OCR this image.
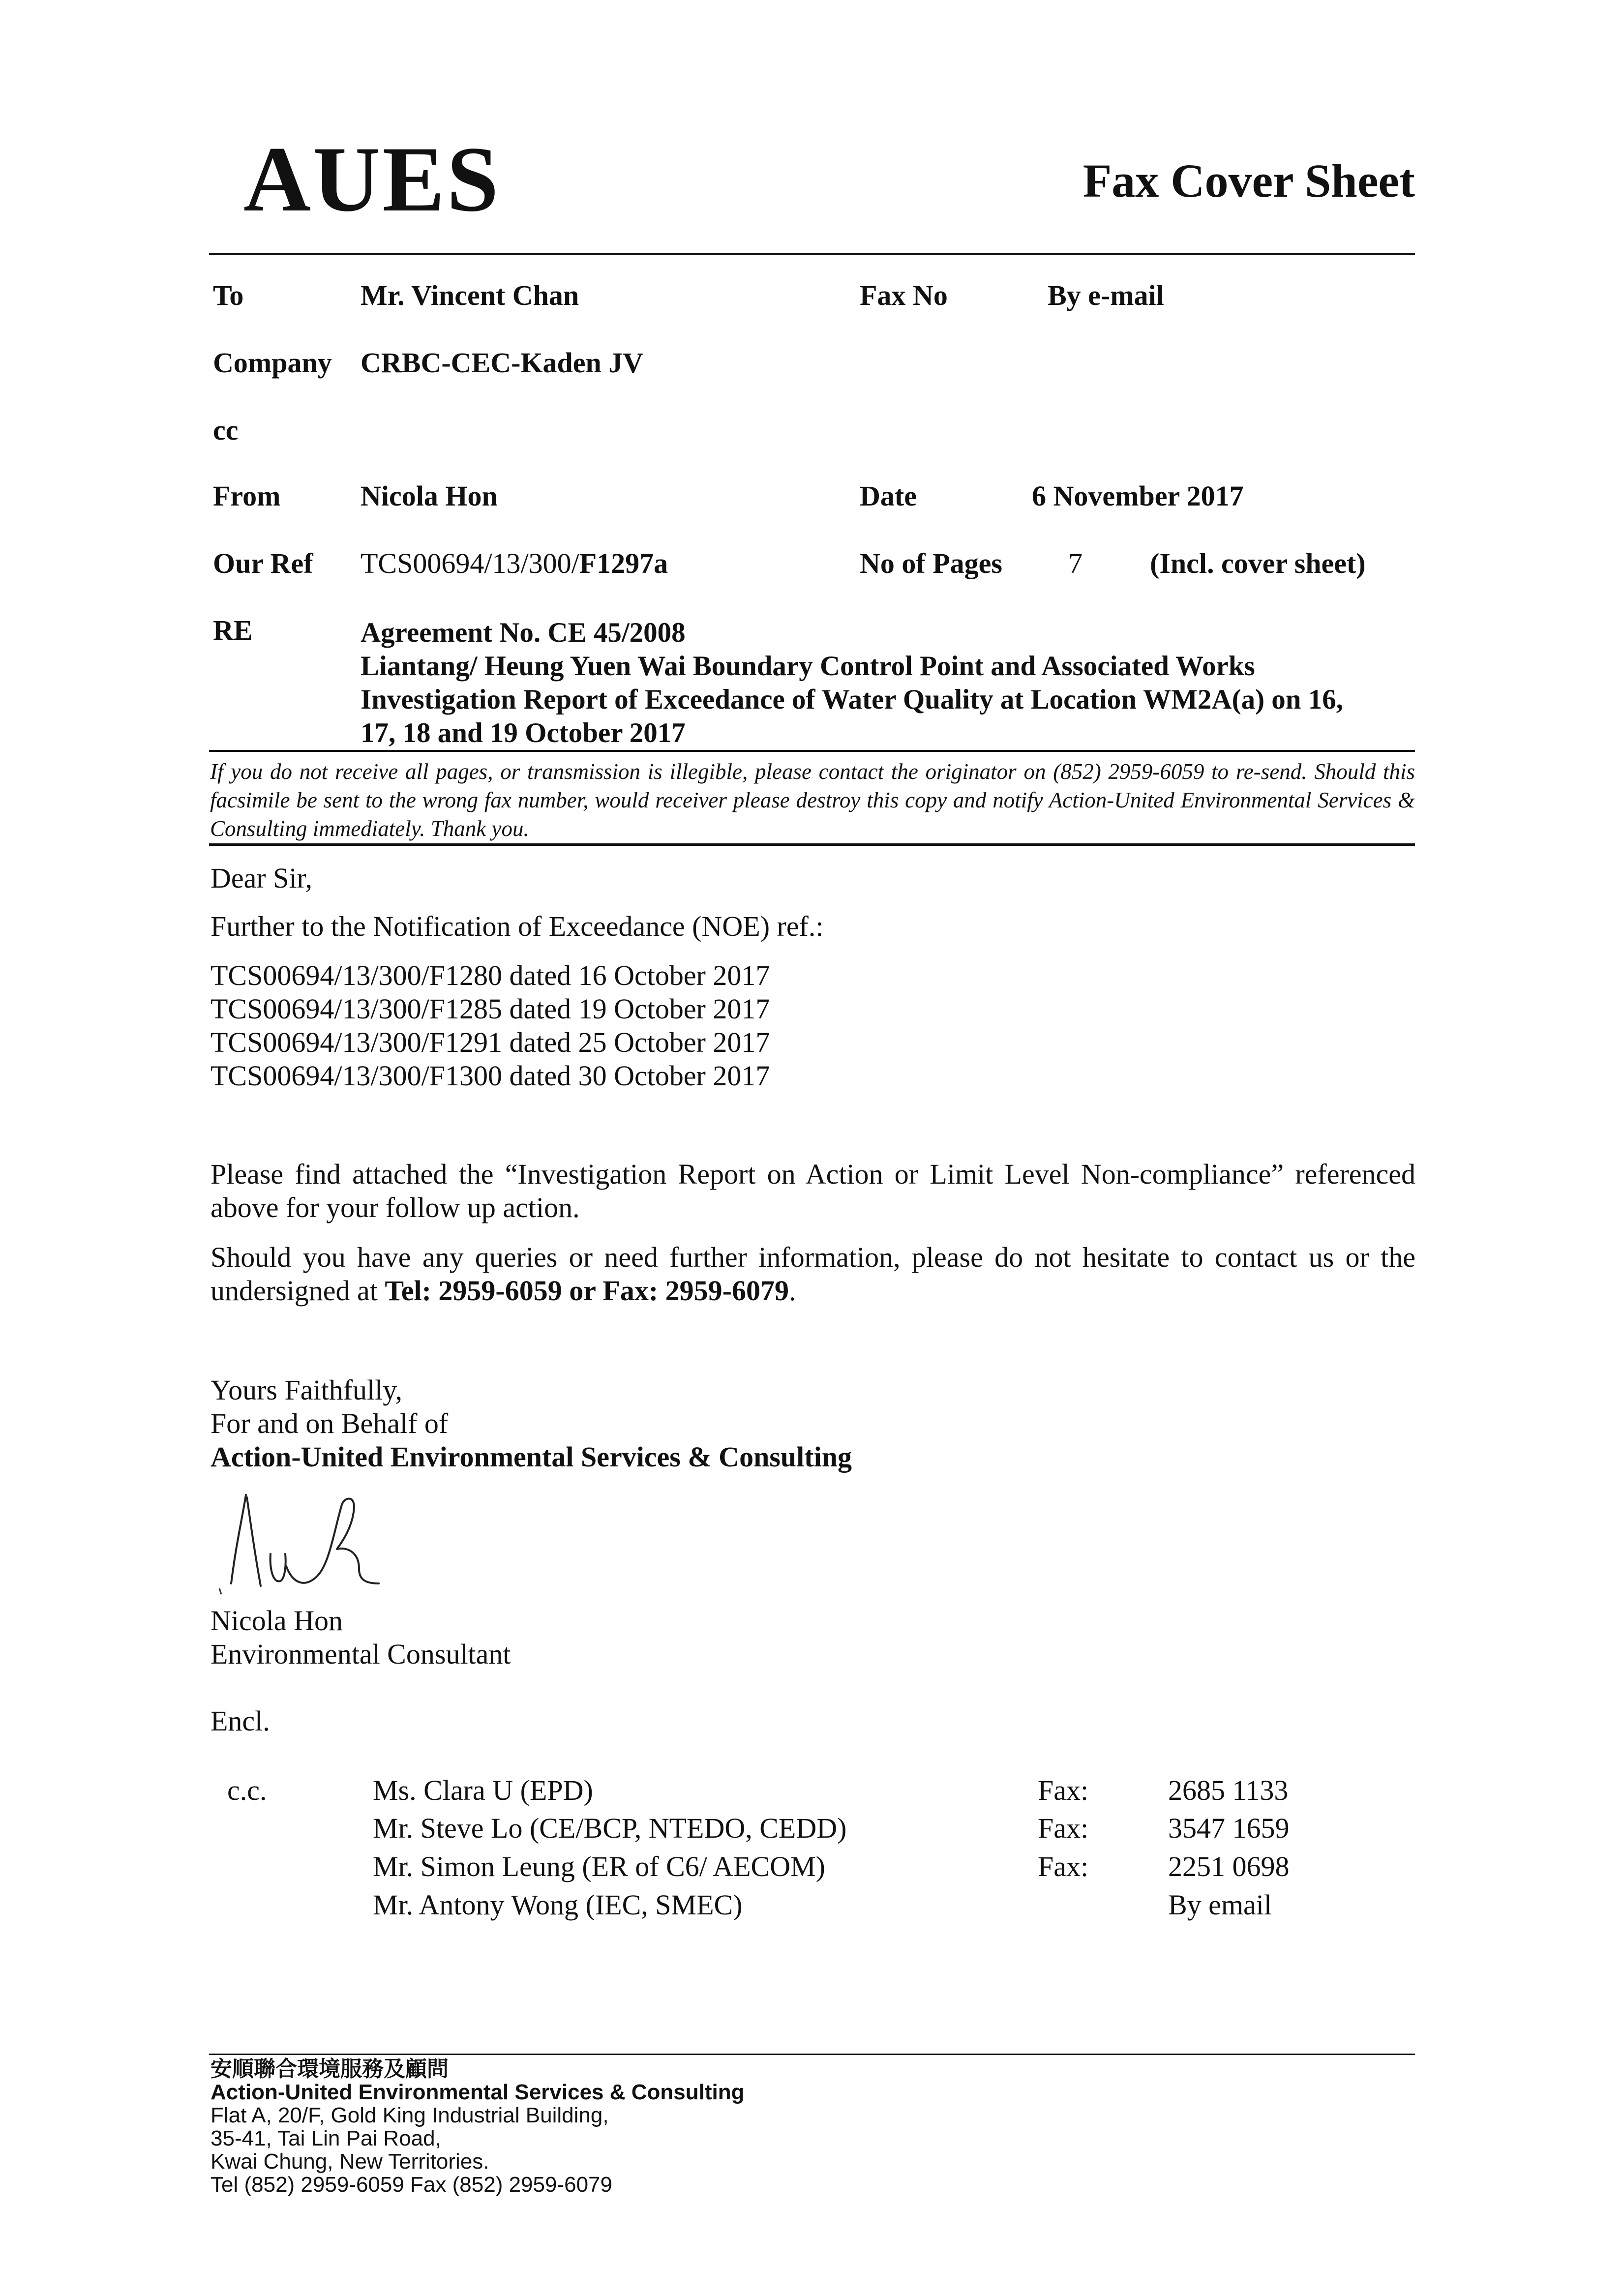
AUES	Fax Cover Sheet
To	Mr. Vincent Chan	Fax No	By e-mail
Company CRBC-CEC-Kaden JV
cc
From	Nicola Hon	Date	6 November 2017
Our Ref TCS00694/13/300/F1297a	No of Pages 7 (Incl. cover sheet)
RE	Agreement No. CE 45/2008
Liantang/ Heung Yuen Wai Boundary Control Point and Associated Works
Investigation Report of Exceedance of Water Quality at Location WM2A(a) on 16,
17, 18 and 19 October 2017
If you do not receive all pages, or transmission is illegible, please contact the originator on (852) 2959-6059 to re-send. Should this facsimile be sent to the wrong fax number, would receiver please destroy this copy and notify Action-United Environmental Services & Consulting immediately. Thank you.
Dear Sir,
Further to the Notification of Exceedance (NOE) ref.:
TCS00694/13/300/F1280 dated 16 October 2017
TCS00694/13/300/F1285 dated 19 October 2017
TCS00694/13/300/F1291 dated 25 October 2017
TCS00694/13/300/F1300 dated 30 October 2017
Please find attached the “Investigation Report on Action or Limit Level Non-compliance” referenced above for your follow up action.
Should you have any queries or need further information, please do not hesitate to contact us or the undersigned at Tel: 2959-6059 or Fax: 2959-6079.
Yours Faithfully,
For and on Behalf of
Action-United Environmental Services & Consulting
Nicola Hon
Environmental Consultant
Encl.
c.c.	Ms. Clara U (EPD)	Fax:	2685 1133
Mr. Steve Lo (CE/BCP, NTEDO, CEDD)	Fax:	3547 1659
Mr. Simon Leung (ER of C6/ AECOM)	Fax:	2251 0698
Mr. Antony Wong (IEC, SMEC)	By email
安順聯合環境服務及顧問
Action-United Environmental Services & Consulting
Flat A, 20/F, Gold King Industrial Building,
35-41, Tai Lin Pai Road,
Kwai Chung, New Territories.
Tel (852) 2959-6059 Fax (852) 2959-6079
